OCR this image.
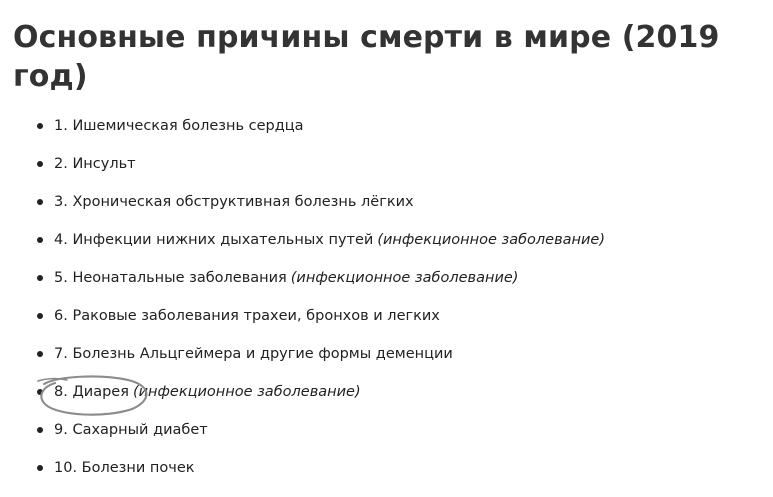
Основные причины смерти в мире (2019
год)
1. Ишемическая болезнь сердца
2. Инсульт
3. Хроническая обструктивная болезнь лёгких
4. Инфекции нижних дыхательных путей (инфекционное заболевание)
5. Неонатальные заболевания (инфекционное заболевание)
6. Раковые заболевания трахеи, бронхов и легких
7. Болезнь Альцгеймера и другие формы деменции
8. Диарея (инфекционное заболевание)
9. Сахарный диабет
10. Болезни почек
